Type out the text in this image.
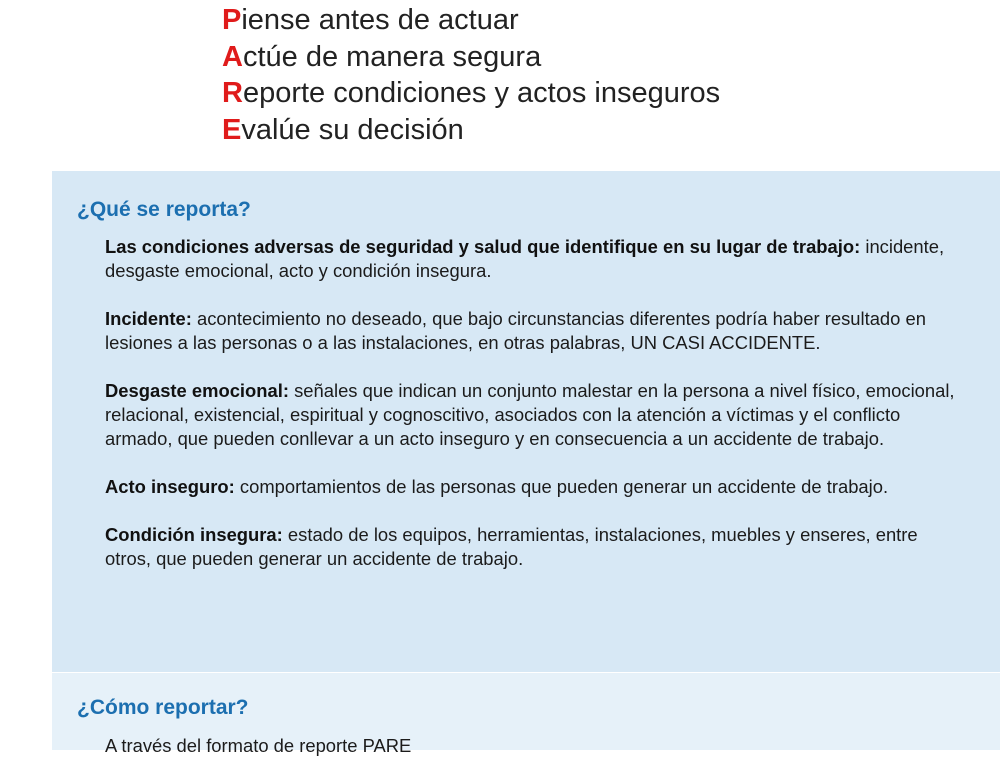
Piense antes de actuar
Actúe de manera segura
Reporte condiciones y actos inseguros
Evalúe su decisión
¿Qué se reporta?

Las condiciones adversas de seguridad y salud que identifique en su lugar de trabajo: incidente, desgaste emocional, acto y condición insegura.

Incidente: acontecimiento no deseado, que bajo circunstancias diferentes podría haber resultado en lesiones a las personas o a las instalaciones, en otras palabras, UN CASI ACCIDENTE.

Desgaste emocional: señales que indican un conjunto malestar en la persona a nivel físico, emocional, relacional, existencial, espiritual y cognoscitivo, asociados con la atención a víctimas y el conflicto armado, que pueden conllevar a un acto inseguro y en consecuencia a un accidente de trabajo.

Acto inseguro: comportamientos de las personas que pueden generar un accidente de trabajo.

Condición insegura: estado de los equipos, herramientas, instalaciones, muebles y enseres, entre otros, que pueden generar un accidente de trabajo.

¿Cómo reportar?

A través del formato de reporte PARE
